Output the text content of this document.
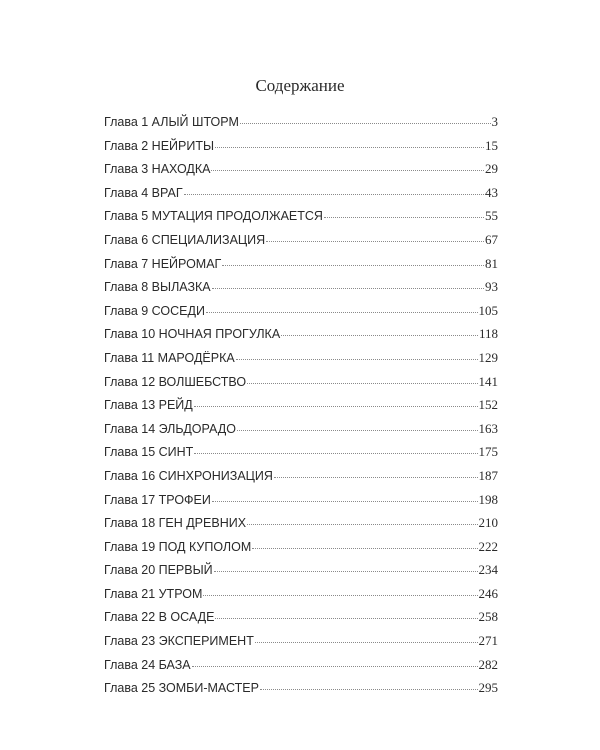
Содержание
Глава 1 АЛЫЙ ШТОРМ	3
Глава 2 НЕЙРИТЫ	15
Глава 3 НАХОДКА	29
Глава 4 ВРАГ	43
Глава 5 МУТАЦИЯ ПРОДОЛЖАЕТСЯ	55
Глава 6 СПЕЦИАЛИЗАЦИЯ	67
Глава 7 НЕЙРОМАГ	81
Глава 8 ВЫЛАЗКА	93
Глава 9 СОСЕДИ	105
Глава 10 НОЧНАЯ ПРОГУЛКА	118
Глава 11 МАРОДЁРКА	129
Глава 12 ВОЛШЕБСТВО	141
Глава 13 РЕЙД	152
Глава 14 ЭЛЬДОРАДО	163
Глава 15 СИНТ	175
Глава 16 СИНХРОНИЗАЦИЯ	187
Глава 17 ТРОФЕИ	198
Глава 18 ГЕН ДРЕВНИХ	210
Глава 19 ПОД КУПОЛОМ	222
Глава 20 ПЕРВЫЙ	234
Глава 21 УТРОМ	246
Глава 22 В ОСАДЕ	258
Глава 23 ЭКСПЕРИМЕНТ	271
Глава 24 БАЗА	282
Глава 25 ЗОМБИ-МАСТЕР	295
